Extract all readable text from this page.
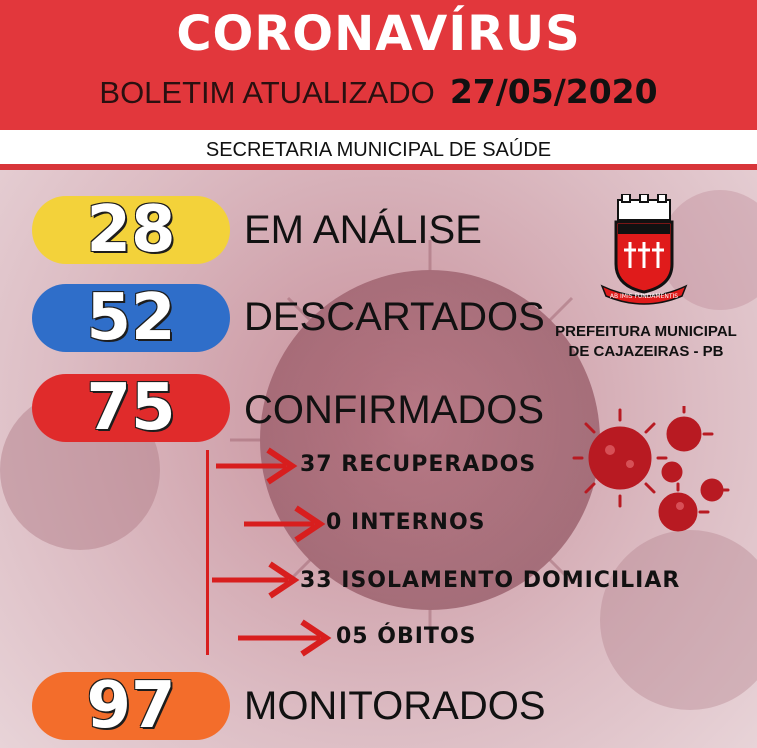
CORONAVÍRUS
BOLETIM ATUALIZADO 27/05/2020
SECRETARIA MUNICIPAL DE SAÚDE
28	EM ANÁLISE
52	DESCARTADOS
75	CONFIRMADOS
97	MONITORADOS
37 RECUPERADOS
0 INTERNOS
33 ISOLAMENTO DOMICILIAR
05 ÓBITOS
AB IMIS FUNDAMENTIS
PREFEITURA MUNICIPAL
DE CAJAZEIRAS - PB
